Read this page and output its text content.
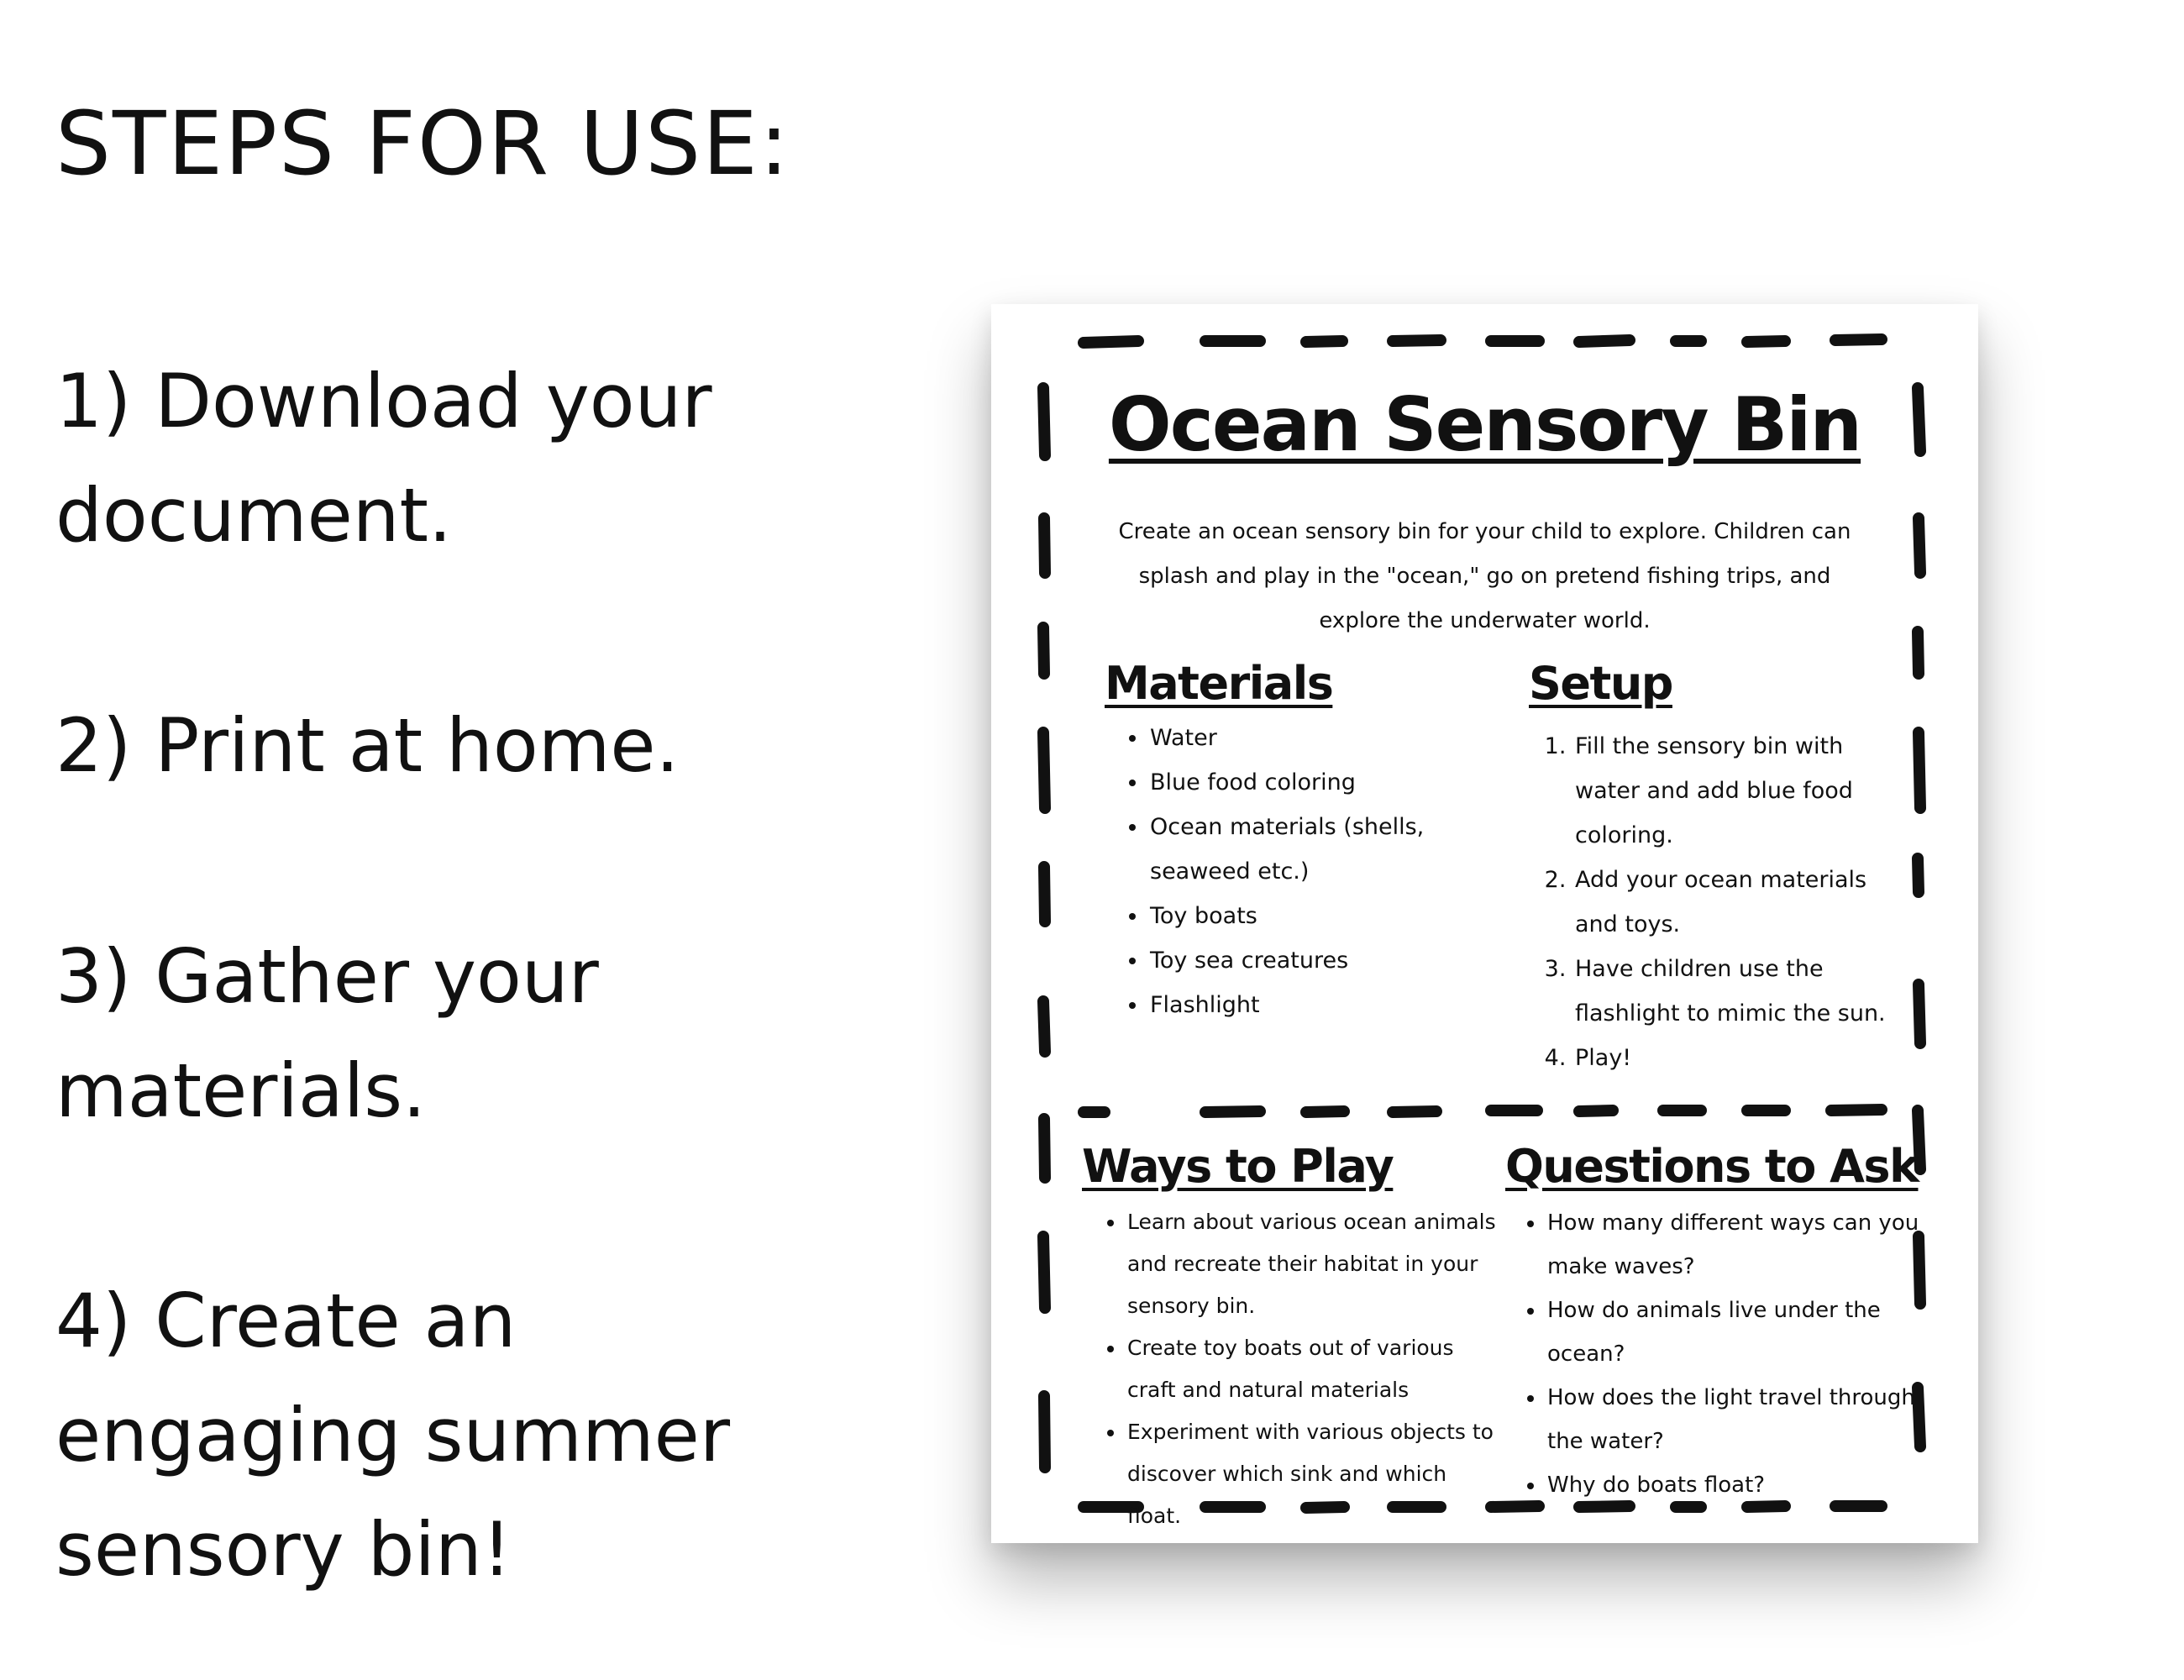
STEPS FOR USE:

1) Download your document.

2) Print at home.

3) Gather your materials.

4) Create an engaging summer sensory bin!

Ocean Sensory Bin

Create an ocean sensory bin for your child to explore. Children can splash and play in the "ocean," go on pretend fishing trips, and explore the underwater world.

Materials
• Water
• Blue food coloring
• Ocean materials (shells, seaweed etc.)
• Toy boats
• Toy sea creatures
• Flashlight
Setup
1. Fill the sensory bin with water and add blue food coloring.
2. Add your ocean materials and toys.
3. Have children use the flashlight to mimic the sun.
4. Play!
Ways to Play
• Learn about various ocean animals and recreate their habitat in your sensory bin.
• Create toy boats out of various craft and natural materials
• Experiment with various objects to discover which sink and which float.
Questions to Ask
• How many different ways can you make waves?
• How do animals live under the ocean?
• How does the light travel through the water?
• Why do boats float?
